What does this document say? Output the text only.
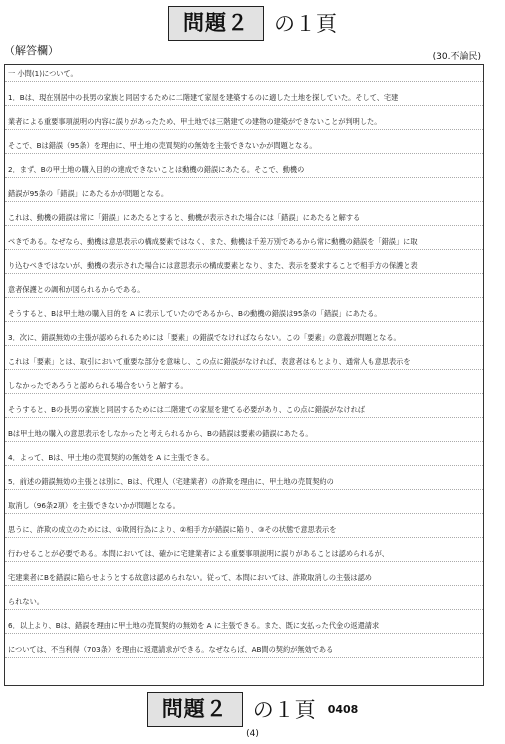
問題２	の１頁
（解答欄）	(30.不論民)
一 小問(1)について。
1．Bは、現在別居中の長男の家族と同居するために二階建て家屋を建築するのに適した土地を探していた。そして、宅建
業者による重要事項説明の内容に誤りがあったため、甲土地では三階建ての建物の建築ができないことが判明した。
そこで、Bは錯誤（95条）を理由に、甲土地の売買契約の無効を主張できないかが問題となる。
2．まず、Bの甲土地の購入目的の達成できないことは動機の錯誤にあたる。そこで、動機の
錯誤が95条の「錯誤」にあたるかが問題となる。
これは、動機の錯誤は常に「錯誤」にあたるとすると、動機が表示された場合には「錯誤」にあたると解する
べきである。なぜなら、動機は意思表示の構成要素ではなく、また、動機は千差万別であるから常に動機の錯誤を「錯誤」に取
り込むべきではないが、動機の表示された場合には意思表示の構成要素となり、また、表示を要求することで相手方の保護と表
意者保護との調和が図られるからである。
そうすると、Bは甲土地の購入目的を A に表示していたのであるから、Bの動機の錯誤は95条の「錯誤」にあたる。
3．次に、錯誤無効の主張が認められるためには「要素」の錯誤でなければならない。この「要素」の意義が問題となる。
これは「要素」とは、取引において重要な部分を意味し、この点に錯誤がなければ、表意者はもとより、通常人も意思表示を
しなかったであろうと認められる場合をいうと解する。
そうすると、Bの長男の家族と同居するためには二階建ての家屋を建てる必要があり、この点に錯誤がなければ
Bは甲土地の購入の意思表示をしなかったと考えられるから、Bの錯誤は要素の錯誤にあたる。
4．よって、Bは、甲土地の売買契約の無効を A に主張できる。
5．前述の錯誤無効の主張とは別に、Bは、代理人（宅建業者）の詐欺を理由に、甲土地の売買契約の
取消し（96条2項）を主張できないかが問題となる。
思うに、詐欺の成立のためには、①欺罔行為により、②相手方が錯誤に陥り、③その状態で意思表示を
行わせることが必要である。本問においては、確かに宅建業者による重要事項説明に誤りがあることは認められるが、
宅建業者にBを錯誤に陥らせようとする故意は認められない。従って、本問においては、詐欺取消しの主張は認め
られない。
6．以上より、Bは、錯誤を理由に甲土地の売買契約の無効を A に主張できる。また、既に支払った代金の返還請求
については、不当利得（703条）を理由に返還請求ができる。なぜならば、AB間の契約が無効である
問題２	の１頁 0408
(4)
